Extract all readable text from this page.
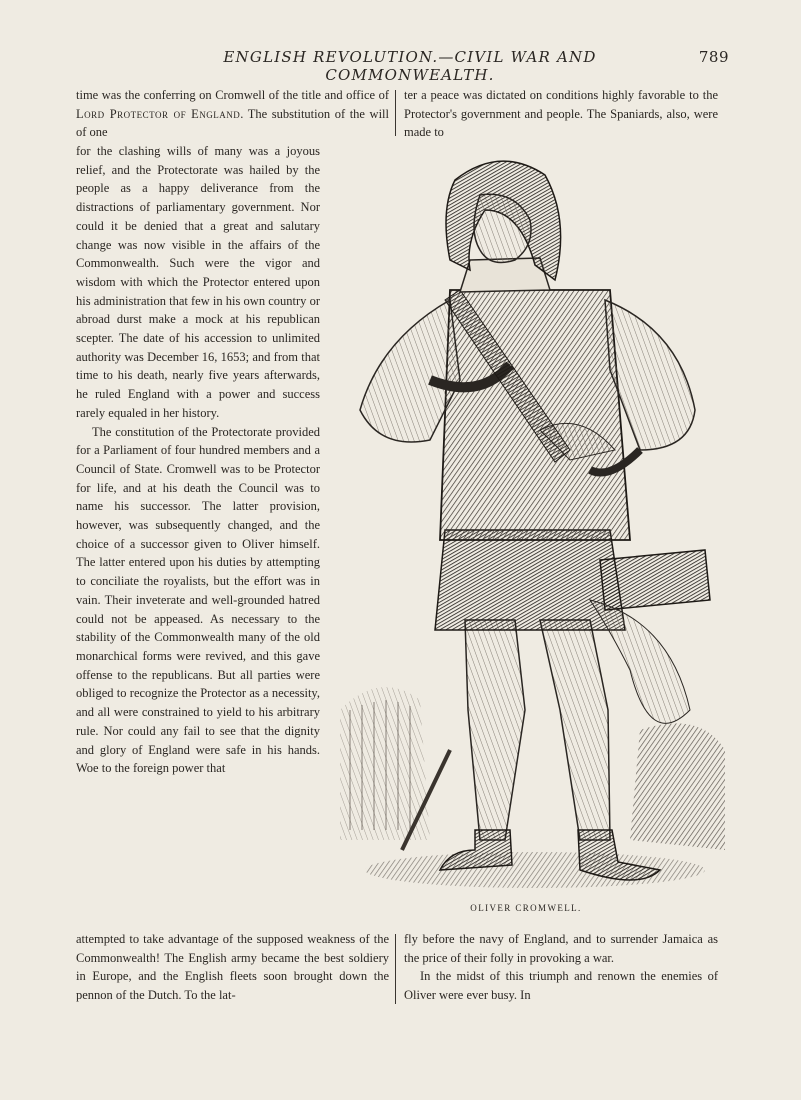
ENGLISH REVOLUTION.—CIVIL WAR AND COMMONWEALTH.
789

time was the conferring on Cromwell of the title and office of Lord Protector of England. The substitution of the will of one

for the clashing wills of many was a joyous relief, and the Protectorate was hailed by the people as a happy deliverance from the distractions of parliamentary government. Nor could it be denied that a great and salutary change was now visible in the affairs of the Commonwealth. Such were the vigor and wisdom with which the Protector entered upon his administration that few in his own country or abroad durst make a mock at his republican scepter. The date of his accession to unlimited authority was December 16, 1653; and from that time to his death, nearly five years afterwards, he ruled England with a power and success rarely equaled in her history.

The constitution of the Protectorate provided for a Parliament of four hundred members and a Council of State. Cromwell was to be Protector for life, and at his death the Council was to name his successor. The latter provision, however, was subsequently changed, and the choice of a successor given to Oliver himself. The latter entered upon his duties by attempting to conciliate the royalists, but the effort was in vain. Their inveterate and well-grounded hatred could not be appeased. As necessary to the stability of the Commonwealth many of the old monarchical forms were revived, and this gave offense to the republicans. But all parties were obliged to recognize the Protector as a necessity, and all were constrained to yield to his arbitrary rule. Nor could any fail to see that the dignity and glory of England were safe in his hands. Woe to the foreign power that

attempted to take advantage of the supposed weakness of the Commonwealth! The English army became the best soldiery in Europe, and the English fleets soon brought down the pennon of the Dutch. To the lat-

ter a peace was dictated on conditions highly favorable to the Protector's government and people. The Spaniards, also, were made to

OLIVER CROMWELL.

fly before the navy of England, and to surrender Jamaica as the price of their folly in provoking a war.

In the midst of this triumph and renown the enemies of Oliver were ever busy. In
